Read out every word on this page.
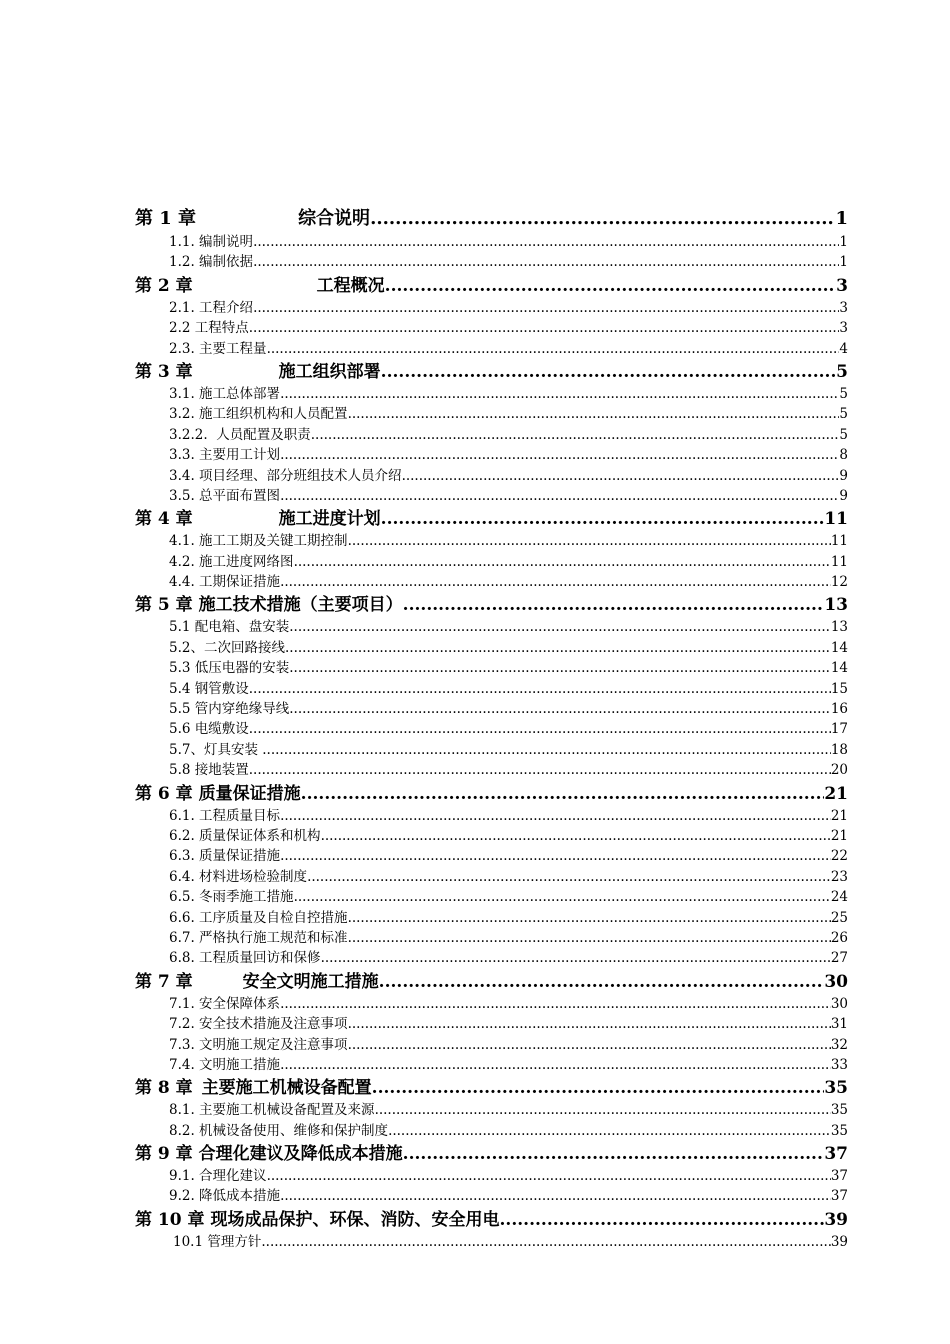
第 1 章	综合说明 .....	1
1.1. 编制说明 .....	1
1.2. 编制依据 .....	1
第 2 章	工程概况 .....	3
2.1. 工程介绍 .....	3
2.2 工程特点 .....	3
2.3. 主要工程量 .....	4
第 3 章	施工组织部署 .....	5
3.1. 施工总体部署 .....	5
3.2. 施工组织机构和人员配置 .....	5
3.2.2.  人员配置及职责 .....	5
3.3. 主要用工计划 .....	8
3.4. 项目经理、部分班组技术人员介绍 .....	9
3.5. 总平面布置图 .....	9
第 4 章	施工进度计划 .....	11
4.1. 施工工期及关键工期控制 .....	11
4.2. 施工进度网络图 .....	11
4.4. 工期保证措施 .....	12
第 5 章 施工技术措施（主要项目） .....	13
5.1 配电箱、盘安装 .....	13
5.2、二次回路接线 .....	14
5.3 低压电器的安装 .....	14
5.4 钢管敷设 .....	15
5.5 管内穿绝缘导线 .....	16
5.6 电缆敷设 .....	17
5.7、灯具安装 .....	18
5.8 接地装置 .....	20
第 6 章 质量保证措施 .....	21
6.1. 工程质量目标 .....	21
6.2. 质量保证体系和机构 .....	21
6.3. 质量保证措施 .....	22
6.4. 材料进场检验制度 .....	23
6.5. 冬雨季施工措施 .....	24
6.6. 工序质量及自检自控措施 .....	25
6.7. 严格执行施工规范和标准 .....	26
6.8. 工程质量回访和保修 .....	27
第 7 章	安全文明施工措施 .....	30
7.1. 安全保障体系 .....	30
7.2. 安全技术措施及注意事项 .....	31
7.3. 文明施工规定及注意事项 .....	32
7.4. 文明施工措施 .....	33
第 8 章 主要施工机械设备配置 .....	35
8.1. 主要施工机械设备配置及来源 .....	35
8.2. 机械设备使用、维修和保护制度 .....	35
第 9 章 合理化建议及降低成本措施 .....	37
9.1. 合理化建议 .....	37
9.2. 降低成本措施 .....	37
第 10 章 现场成品保护、环保、消防、安全用电 .....	39
10.1 管理方针 .....	39
